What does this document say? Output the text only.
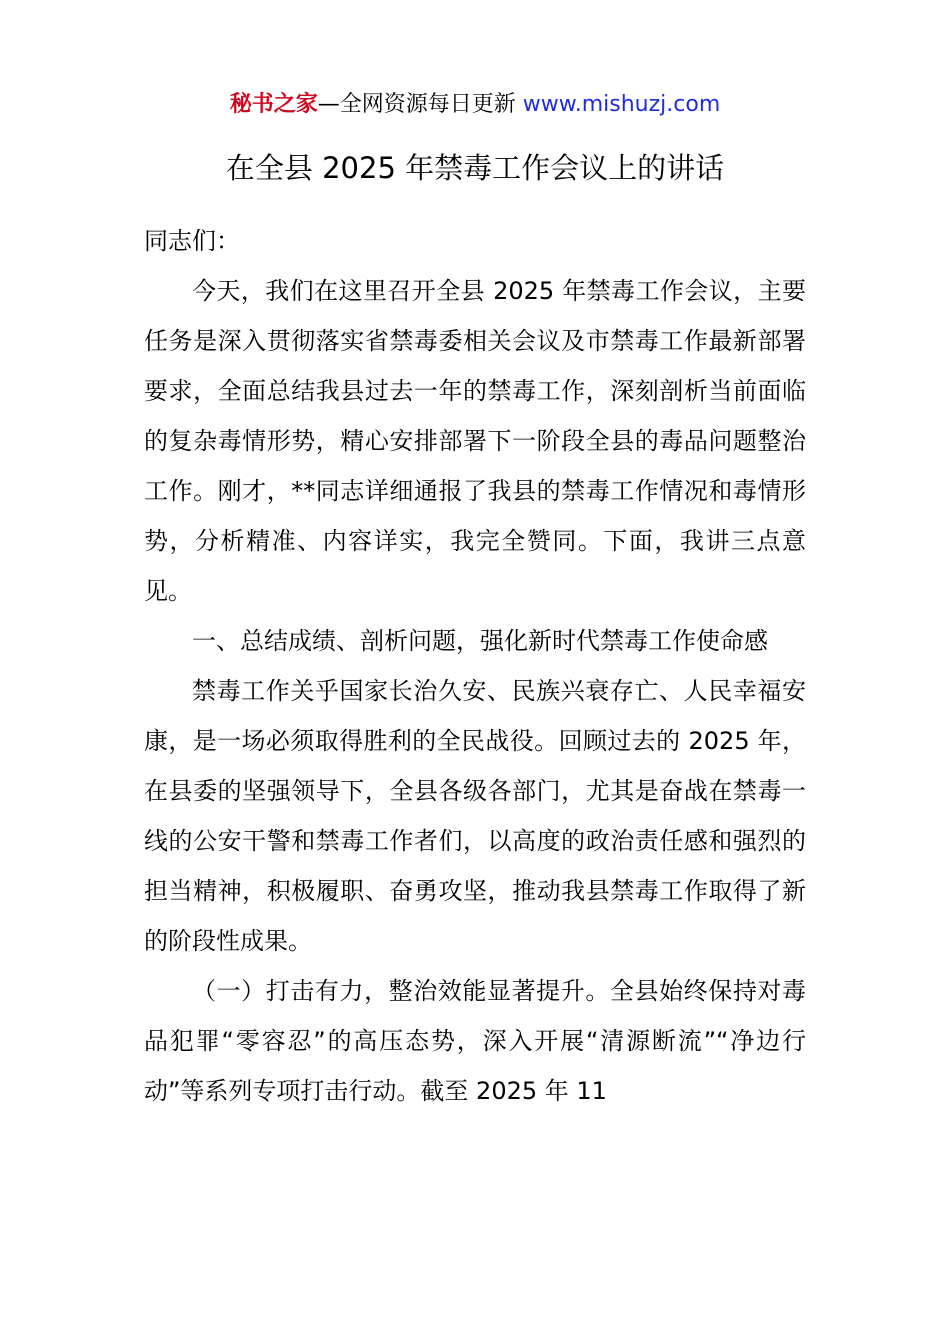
秘书之家—全网资源每日更新 www.mishuzj.com
在全县 2025 年禁毒工作会议上的讲话

同志们：

今天，我们在这里召开全县 2025 年禁毒工作会议，主要任务是深入贯彻落实省禁毒委相关会议及市禁毒工作最新部署要求，全面总结我县过去一年的禁毒工作，深刻剖析当前面临的复杂毒情形势，精心安排部署下一阶段全县的毒品问题整治工作。刚才，**同志详细通报了我县的禁毒工作情况和毒情形势，分析精准、内容详实，我完全赞同。下面，我讲三点意见。

一、总结成绩、剖析问题，强化新时代禁毒工作使命感

禁毒工作关乎国家长治久安、民族兴衰存亡、人民幸福安康，是一场必须取得胜利的全民战役。回顾过去的 2025 年，在县委的坚强领导下，全县各级各部门，尤其是奋战在禁毒一线的公安干警和禁毒工作者们，以高度的政治责任感和强烈的担当精神，积极履职、奋勇攻坚，推动我县禁毒工作取得了新的阶段性成果。

（一）打击有力，整治效能显著提升。全县始终保持对毒品犯罪“零容忍”的高压态势，深入开展“清源断流”“净边行动”等系列专项打击行动。截至 2025 年 11
